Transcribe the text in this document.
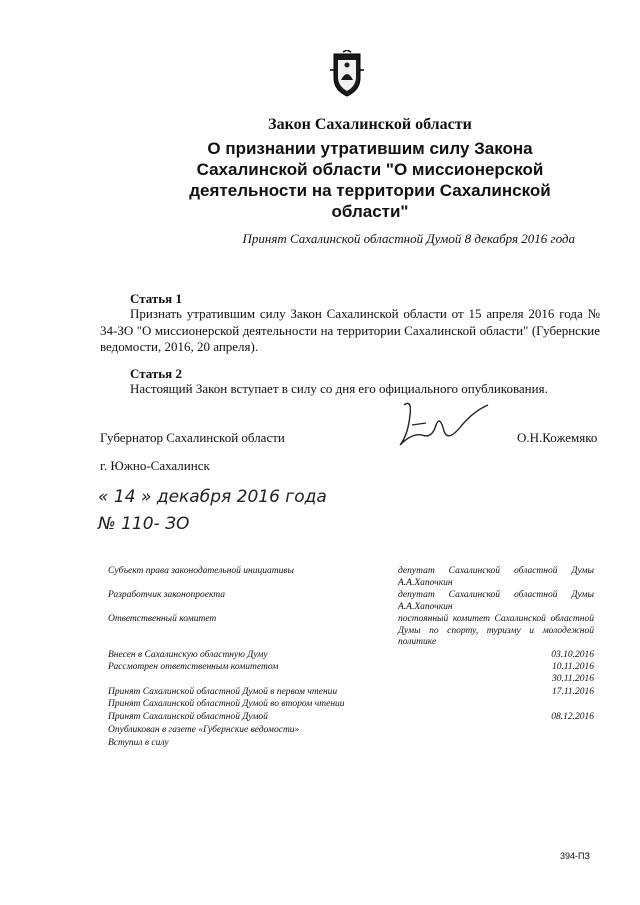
Закон Сахалинской области
О признании утратившим силу Закона Сахалинской области "О миссионерской деятельности на территории Сахалинской области"
Принят Сахалинской областной Думой 8 декабря 2016 года
Статья 1
Признать утратившим силу Закон Сахалинской области от 15 апреля 2016 года № 34-ЗО "О миссионерской деятельности на территории Сахалинской области" (Губернские ведомости, 2016, 20 апреля).
Статья 2
Настоящий Закон вступает в силу со дня его официального опубликования.
Губернатор Сахалинской области	О.Н.Кожемяко
г. Южно-Сахалинск
« 14 » декабря 2016 года
№ 110- ЗО
Субъект права законодательной инициативы	депутат Сахалинской областной Думы А.А.Хапочкин
Разработчик законопроекта	депутат Сахалинской областной Думы А.А.Хапочкин
Ответственный комитет	постоянный комитет Сахалинской областной Думы по спорту, туризму и молодежной политике
Внесен в Сахалинскую областную Думу	03.10.2016
Рассмотрен ответственным комитетом	10.11.2016
30.11.2016
Принят Сахалинской областной Думой в первом чтении	17.11.2016
Принят Сахалинской областной Думой во втором чтении
Принят Сахалинской областной Думой	08.12.2016
Опубликован в газете «Губернские ведомости»
Вступил в силу
394-ПЗ
